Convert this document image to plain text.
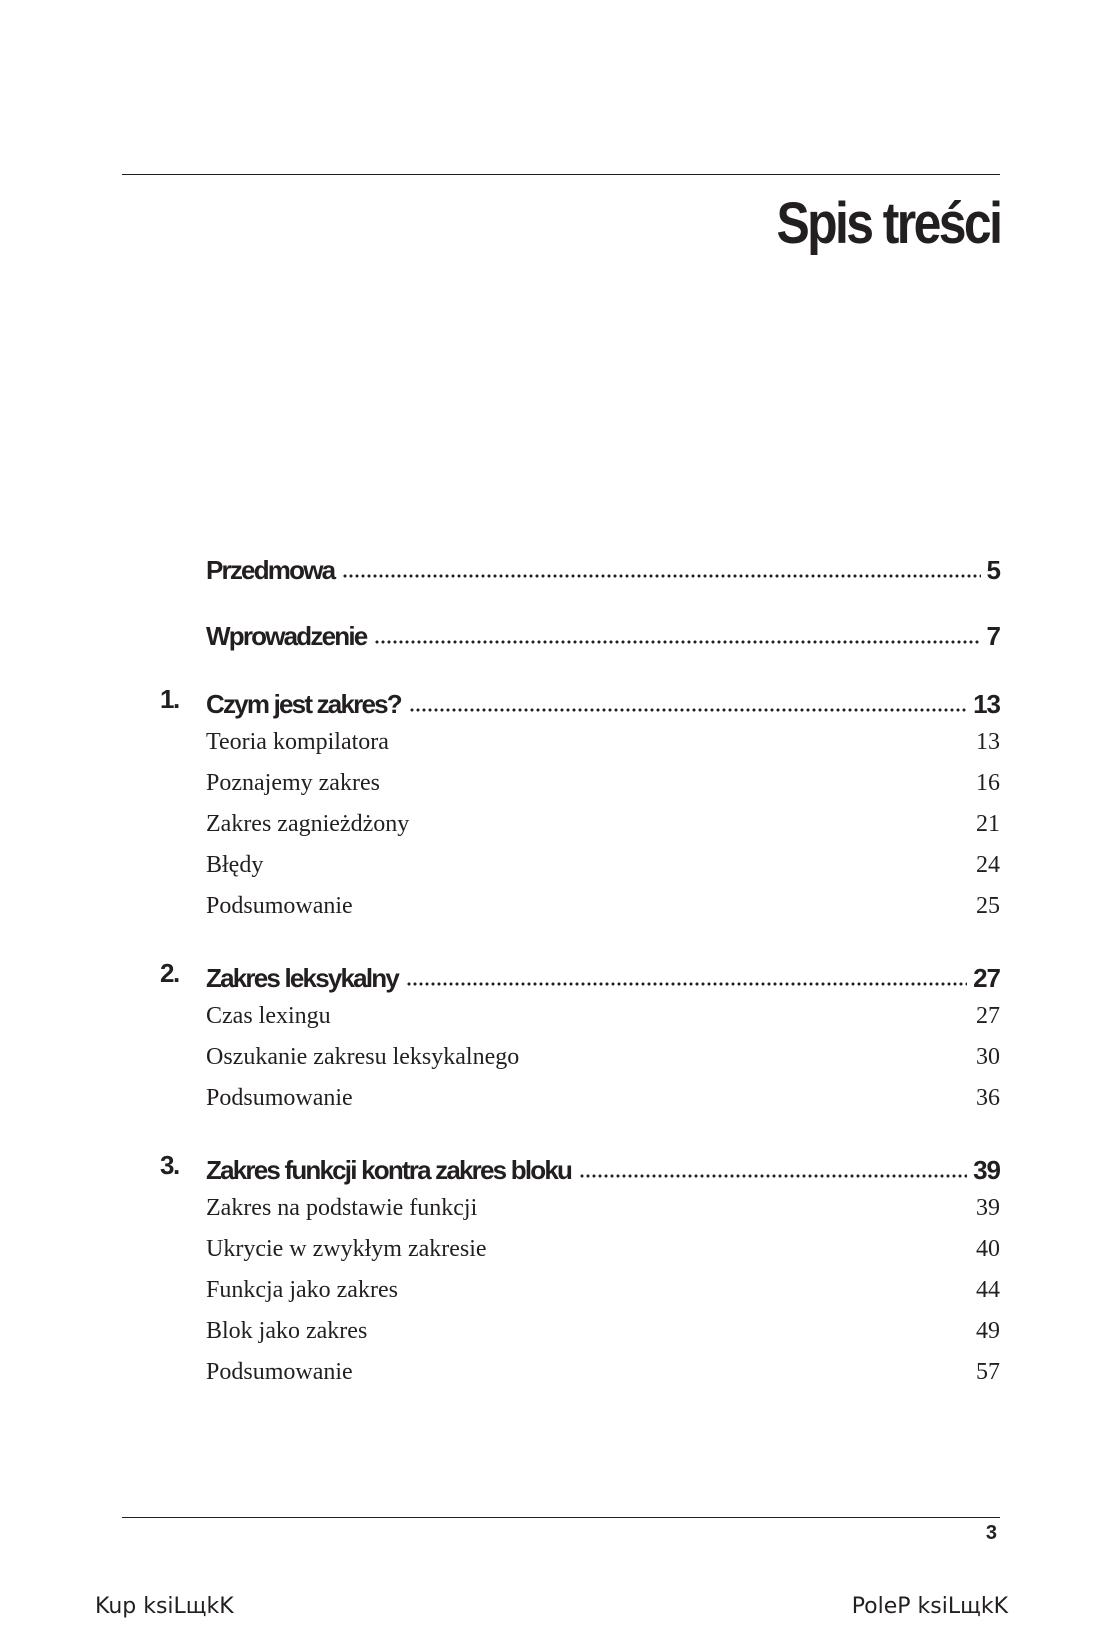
Spis treści
Przedmowa	5
Wprowadzenie	7
1.	Czym jest zakres?	13
Teoria kompilatora	13
Poznajemy zakres	16
Zakres zagnieżdżony	21
Błędy	24
Podsumowanie	25
2.	Zakres leksykalny	27
Czas lexingu	27
Oszukanie zakresu leksykalnego	30
Podsumowanie	36
3.	Zakres funkcji kontra zakres bloku	39
Zakres na podstawie funkcji	39
Ukrycie w zwykłym zakresie	40
Funkcja jako zakres	44
Blok jako zakres	49
Podsumowanie	57
3
Kup ksiLщkK	PoleP ksiLщkK
